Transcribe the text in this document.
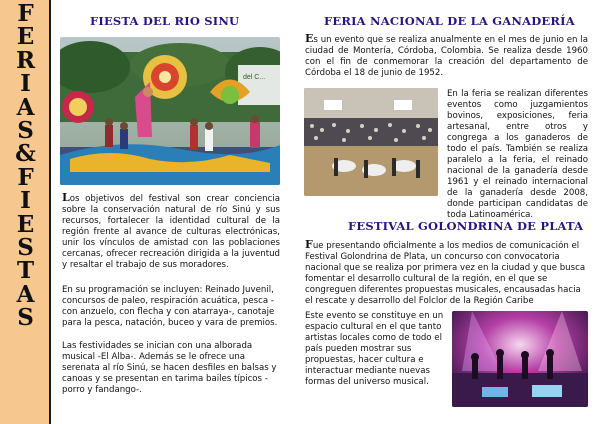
F
E
R
I
A
S
&
F
I
E
S
T
A
S
FIESTA DEL RIO SINU
del C...
Los objetivos del festival son crear conciencia sobre la conservación natural de río Sinú y sus recursos, fortalecer la identidad cultural de la región frente al avance de culturas electrónicas, unir los vínculos de amistad con las poblaciones cercanas, ofrecer recreación dirigida a la juventud y resaltar el trabajo de sus moradores.
En su programación se incluyen: Reinado Juvenil, concursos de paleo, respiración acuática, pesca - con anzuelo, con flecha y con atarraya-, canotaje para la pesca, natación, buceo y vara de premios.
Las festividades se inician con una alborada musical -El Alba-. Además se le ofrece una serenata al río Sinú, se hacen desfiles en balsas y canoas y se presentan en tarima bailes típicos -porro y fandango-.
FERIA NACIONAL DE LA GANADERÍA
Es un evento que se realiza anualmente en el mes de junio en la ciudad de Montería, Córdoba, Colombia. Se realiza desde 1960 con el fin de conmemorar la creación del departamento de Córdoba el 18 de junio de 1952.
En la feria se realizan diferentes eventos como juzgamientos bovinos, exposiciones, feria artesanal, entre otros y congrega a los ganaderos de todo el país. También se realiza paralelo a la feria, el reinado nacional de la ganadería desde 1961 y el reinado internacional de la ganadería desde 2008, donde participan candidatas de toda Latinoamérica.
FESTIVAL GOLONDRINA DE PLATA
Fue presentando oficialmente a los medios de comunicación el Festival Golondrina de Plata, un concurso con convocatoria nacional que se realiza por primera vez en la ciudad y que busca fomentar el desarrollo cultural de la región, en el que se congreguen diferentes propuestas musicales, encausadas hacia el rescate y desarrollo del Folclor de la Región Caribe
Este evento se constituye en un espacio cultural en el que tanto artistas locales como de todo el país pueden mostrar sus propuestas, hacer cultura e interactuar mediante nuevas formas del universo musical.
